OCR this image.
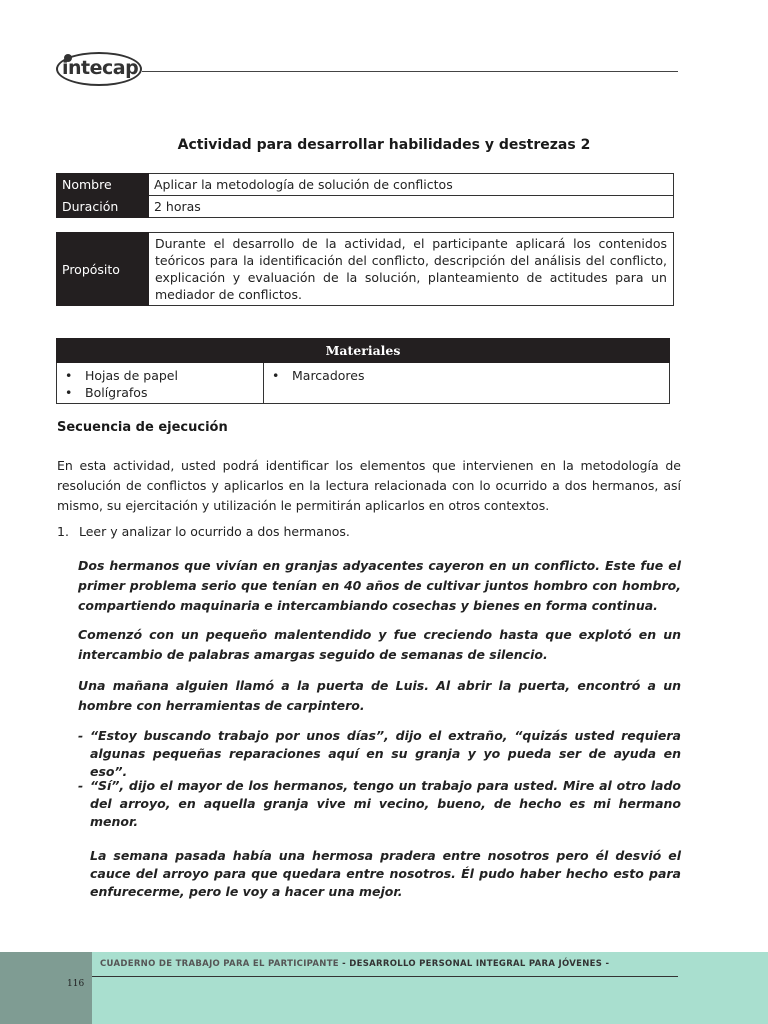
intecap
Actividad para desarrollar habilidades y destrezas 2
Nombre	Aplicar la metodología de solución de conflictos
Duración	2 horas
Propósito	Durante el desarrollo de la actividad, el participante aplicará los contenidos teóricos para la identificación del conflicto, descripción del análisis del conflicto, explicación y evaluación de la solución, planteamiento de actitudes para un mediador de conflictos.
Materiales

• Hojas de papel
• Bolígrafos

• Marcadores
Secuencia de ejecución
En esta actividad, usted podrá identificar los elementos que intervienen en la metodología de resolución de conflictos y aplicarlos en la lectura relacionada con lo ocurrido a dos hermanos, así mismo, su ejercitación y utilización le permitirán aplicarlos en otros contextos.
1. Leer y analizar lo ocurrido a dos hermanos.
Dos hermanos que vivían en granjas adyacentes cayeron en un conflicto. Este fue el primer problema serio que tenían en 40 años de cultivar juntos hombro con hombro, compartiendo maquinaria e intercambiando cosechas y bienes en forma continua.
Comenzó con un pequeño malentendido y fue creciendo hasta que explotó en un intercambio de palabras amargas seguido de semanas de silencio.
Una mañana alguien llamó a la puerta de Luis. Al abrir la puerta, encontró a un hombre con herramientas de carpintero.
- “Estoy buscando trabajo por unos días”, dijo el extraño, “quizás usted requiera algunas pequeñas reparaciones aquí en su granja y yo pueda ser de ayuda en eso”.
- “Sí”, dijo el mayor de los hermanos, tengo un trabajo para usted. Mire al otro lado del arroyo, en aquella granja vive mi vecino, bueno, de hecho es mi hermano menor.
La semana pasada había una hermosa pradera entre nosotros pero él desvió el cauce del arroyo para que quedara entre nosotros. Él pudo haber hecho esto para enfurecerme, pero le voy a hacer una mejor.
CUADERNO DE TRABAJO PARA EL PARTICIPANTE - DESARROLLO PERSONAL INTEGRAL PARA JÓVENES -
116
